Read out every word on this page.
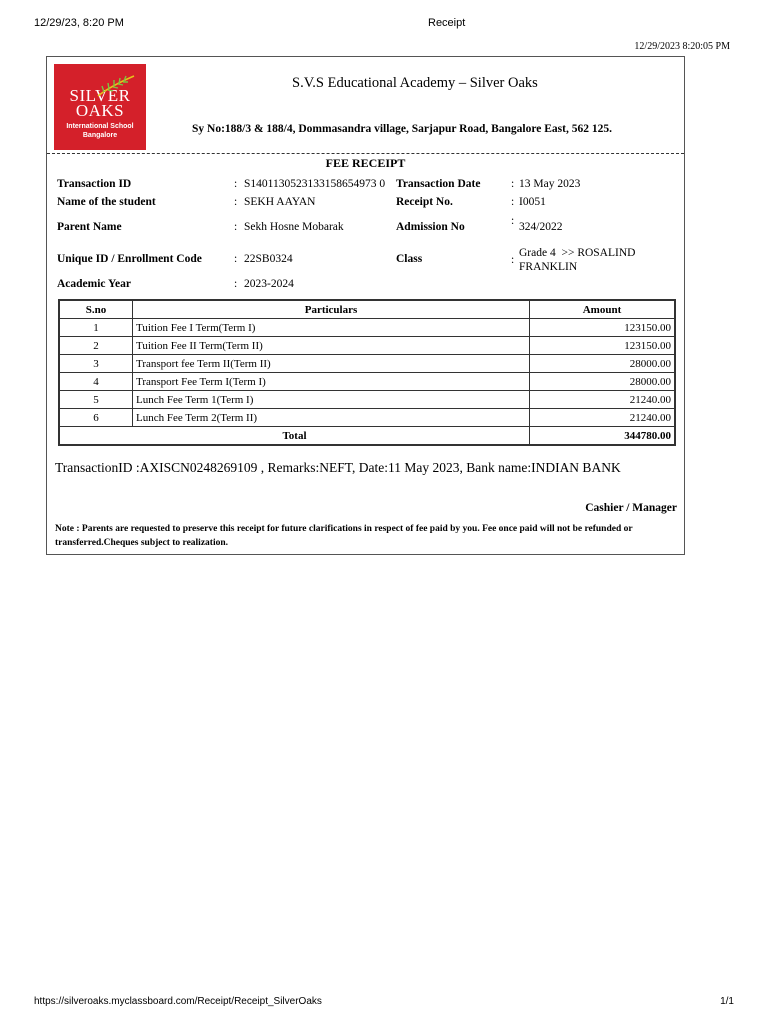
12/29/23, 8:20 PM	Receipt
12/29/2023 8:20:05 PM
SILVER
OAKS
International School
Bangalore
S.V.S Educational Academy – Silver Oaks
Sy No:188/3 & 188/4, Dommasandra village, Sarjapur Road, Bangalore East, 562 125.
FEE RECEIPT
Transaction ID	: S1401130523133158654973 0 Transaction Date	: 13 May 2023
Name of the student	: SEKH AAYAN	Receipt No.	: I0051
Parent Name	: Sekh Hosne Mobarak	Admission No	: 324/2022
Unique ID / Enrollment Code	: 22SB0324	Class	:
Grade 4  >> ROSALIND
FRANKLIN
Academic Year	: 2023-2024
S.no	Particulars	Amount
1	Tuition Fee I Term(Term I)	123150.00
2	Tuition Fee II Term(Term II)	123150.00
3	Transport fee Term II(Term II)	28000.00
4	Transport Fee Term I(Term I)	28000.00
5	Lunch Fee Term 1(Term I)	21240.00
6	Lunch Fee Term 2(Term II)	21240.00
Total		344780.00
TransactionID :AXISCN0248269109 , Remarks:NEFT, Date:11 May 2023, Bank name:INDIAN BANK
Cashier / Manager
Note : Parents are requested to preserve this receipt for future clarifications in respect of fee paid by you. Fee once paid will not be refunded or transferred.Cheques subject to realization.
https://silveroaks.myclassboard.com/Receipt/Receipt_SilverOaks	1/1
